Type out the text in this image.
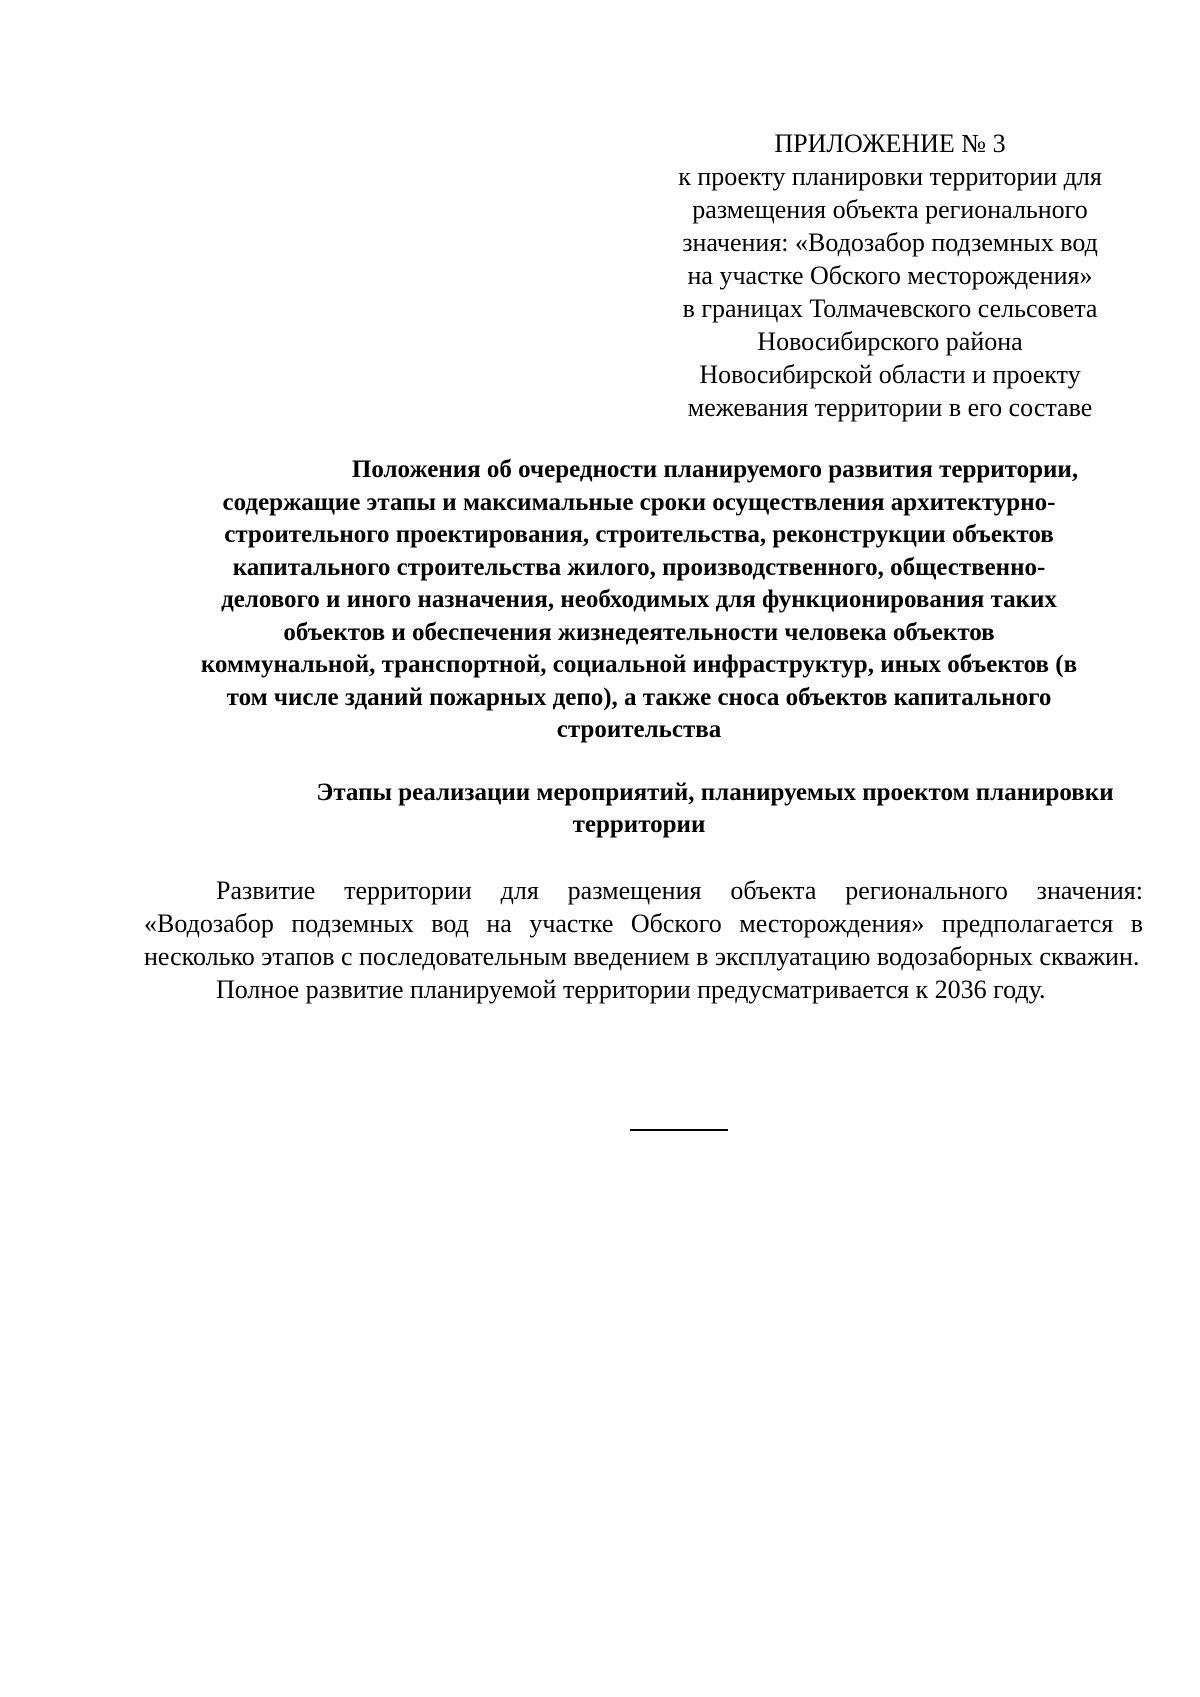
ПРИЛОЖЕНИЕ № 3
к проекту планировки территории для
размещения объекта регионального
значения: «Водозабор подземных вод
на участке Обского месторождения»
в границах Толмачевского сельсовета
Новосибирского района
Новосибирской области и проекту
межевания территории в его составе
Положения об очередности планируемого развития территории,
содержащие этапы и максимальные сроки осуществления архитектурно-
строительного проектирования, строительства, реконструкции объектов
капитального строительства жилого, производственного, общественно-
делового и иного назначения, необходимых для функционирования таких
объектов и обеспечения жизнедеятельности человека объектов
коммунальной, транспортной, социальной инфраструктур, иных объектов (в
том числе зданий пожарных депо), а также сноса объектов капитального
строительства
Этапы реализации мероприятий, планируемых проектом планировки
территории

Развитие территории для размещения объекта регионального значения: «Водозабор подземных вод на участке Обского месторождения» предполагается в несколько этапов с последовательным введением в эксплуатацию водозаборных скважин.

Полное развитие планируемой территории предусматривается к 2036 году.
